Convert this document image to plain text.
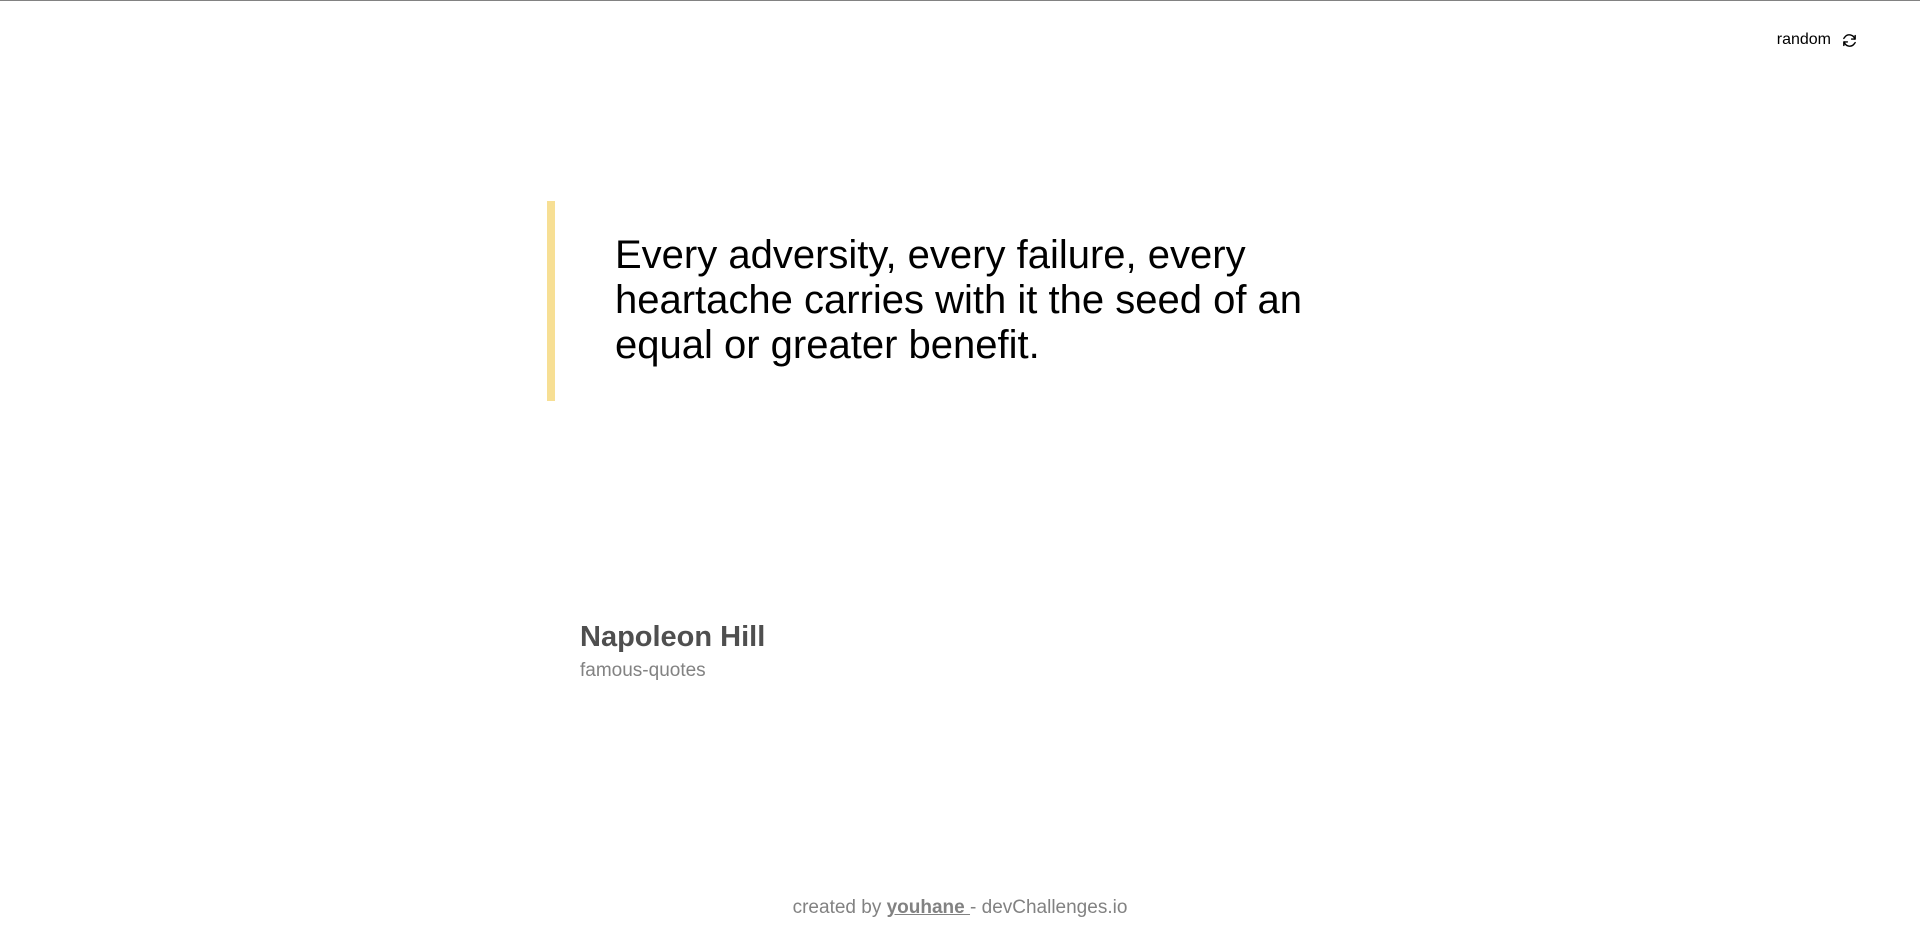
random

Every adversity, every failure, every heartache carries with it the seed of an equal or greater benefit.

Napoleon Hill

famous-quotes

created by youhane - devChallenges.io
